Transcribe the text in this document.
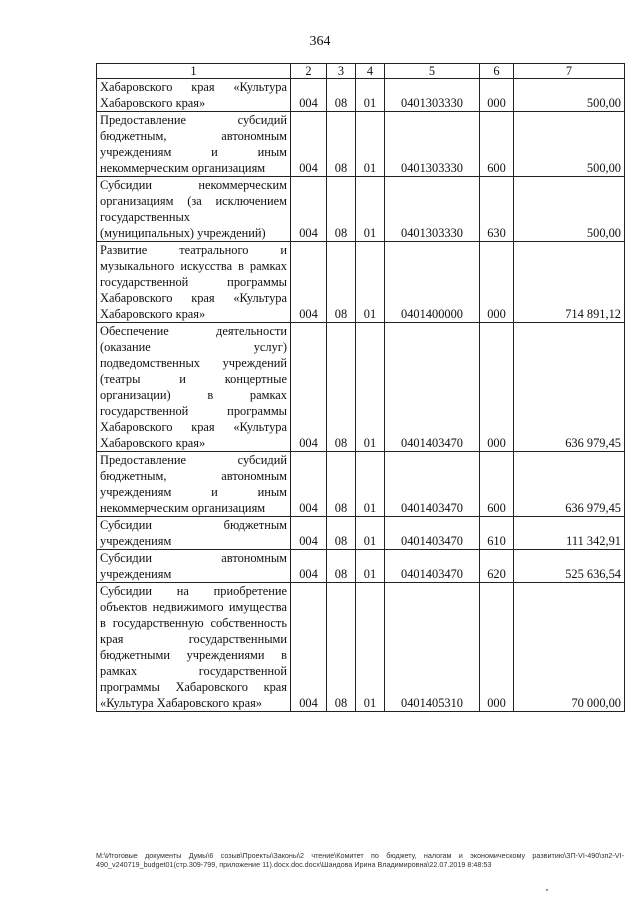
364
1	2	3	4	5	6	7
Хабаровского края «Культура Хабаровского края»	004	08	01	0401303330	000	500,00
Предоставление субсидий бюджетным, автономным учреждениям и иным некоммерческим организациям	004	08	01	0401303330	600	500,00
Субсидии некоммерческим организациям (за исключением государственных (муниципальных) учреждений)	004	08	01	0401303330	630	500,00
Развитие театрального и музыкального искусства в рамках государственной программы Хабаровского края «Культура Хабаровского края»	004	08	01	0401400000	000	714 891,12
Обеспечение деятельности (оказание услуг) подведомственных учреждений (театры и концертные организации) в рамках государственной программы Хабаровского края «Культура Хабаровского края»	004	08	01	0401403470	000	636 979,45
Предоставление субсидий бюджетным, автономным учреждениям и иным некоммерческим организациям	004	08	01	0401403470	600	636 979,45
Субсидии бюджетным учреждениям	004	08	01	0401403470	610	111 342,91
Субсидии автономным учреждениям	004	08	01	0401403470	620	525 636,54
Субсидии на приобретение объектов недвижимого имущества в государственную собственность края государственными бюджетными учреждениями в рамках государственной программы Хабаровского края «Культура Хабаровского края»	004	08	01	0401405310	000	70 000,00
M:\Итоговые документы Думы\6 созыв\Проекты\Законы\2 чтение\Комитет по бюджету, налогам и экономическому развитию\ЗП-VI-490\зп2-VI-490_v240719_budget01(стр.309-799, приложение 11).docx.doc.docx\Шандова Ирина Владимировна\22.07.2019 8:48:53
